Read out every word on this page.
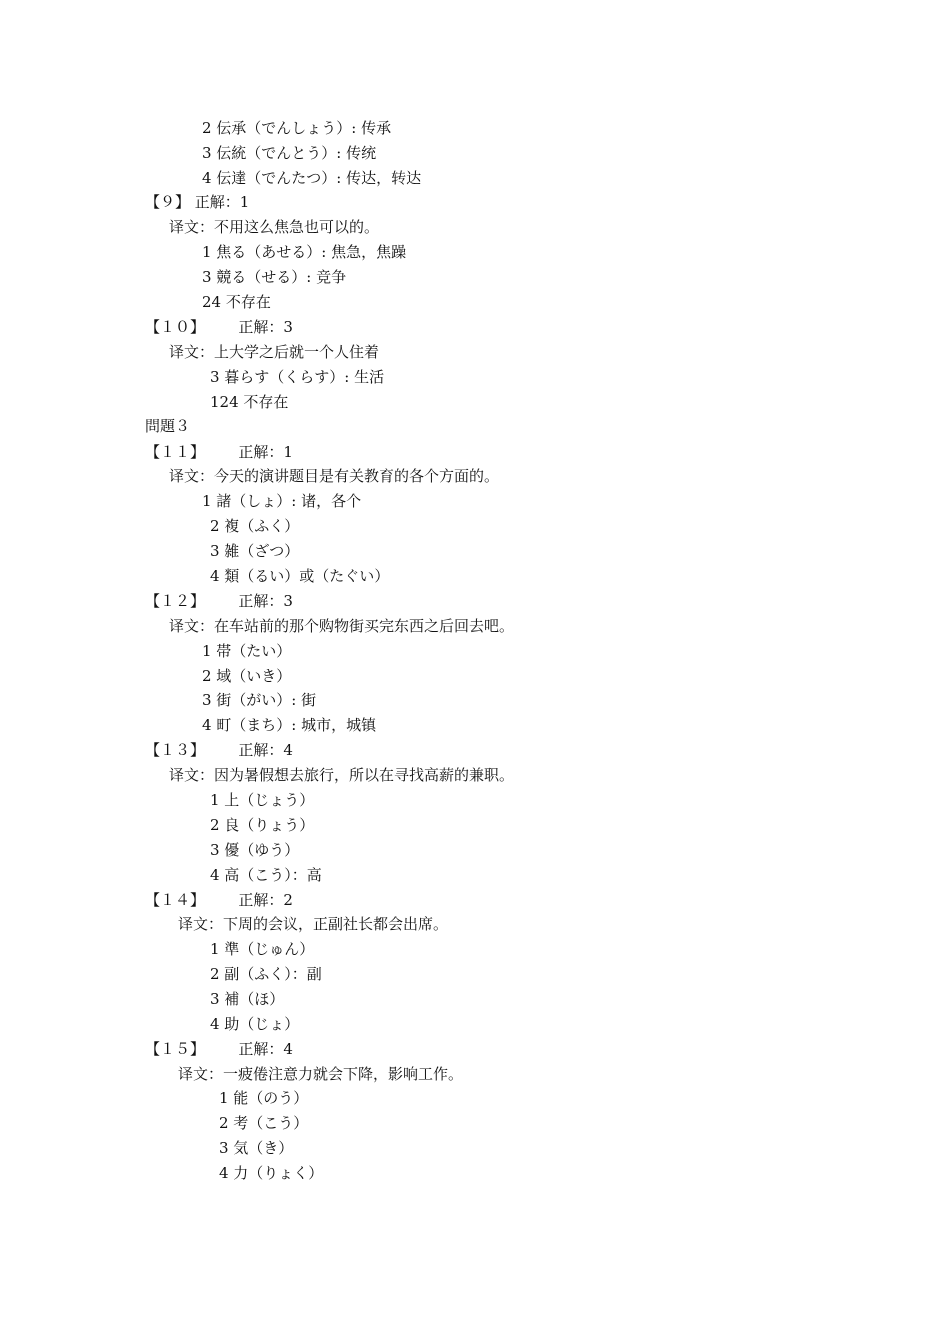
2 伝承（でんしょう）: 传承
3 伝統（でんとう）: 传统
4 伝達（でんたつ）: 传达，转达
【９】 正解：1
译文：不用这么焦急也可以的。
1 焦る（あせる）: 焦急，焦躁
3 競る（せる）: 竞争
24 不存在
【１０】       正解：3
译文：上大学之后就一个人住着
3 暮らす（くらす）: 生活
124 不存在
問題３
【１１】       正解：1
译文：今天的演讲题目是有关教育的各个方面的。
1 諸（しょ）: 诸，各个
2 複（ふく）
3 雑（ざつ）
4 類（るい）或（たぐい）
【１２】       正解：3
译文：在车站前的那个购物街买完东西之后回去吧。
1 帯（たい）
2 域（いき）
3 街（がい）: 街
4 町（まち）: 城市，城镇
【１３】       正解：4
译文：因为暑假想去旅行，所以在寻找高薪的兼职。
1 上（じょう）
2 良（りょう）
3 優（ゆう）
4 高（こう）：高
【１４】       正解：2
译文：下周的会议，正副社长都会出席。
1 準（じゅん）
2 副（ふく）：副
3 補（ほ）
4 助（じょ）
【１５】       正解：4
译文：一疲倦注意力就会下降，影响工作。
1 能（のう）
2 考（こう）
3 気（き）
4 力（りょく）
